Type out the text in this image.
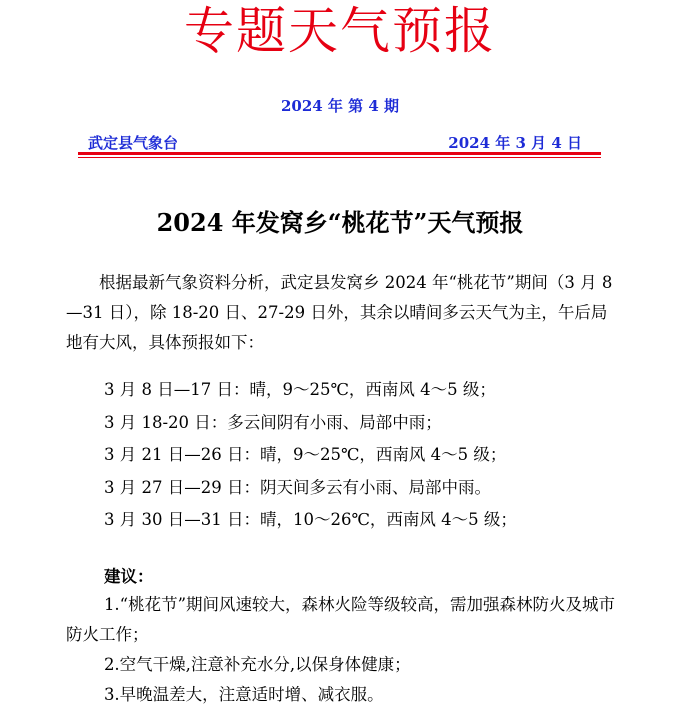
专题天气预报
2024 年 第 4 期
武定县气象台	2024 年 3 月 4 日
2024 年发窝乡“桃花节”天气预报

根据最新气象资料分析，武定县发窝乡 2024 年“桃花节”期间（3 月 8—31 日），除 18-20 日、27-29 日外，其余以晴间多云天气为主，午后局地有大风，具体预报如下：

3 月 8 日—17 日：晴，9～25℃，西南风 4～5 级；
3 月 18-20 日：多云间阴有小雨、局部中雨；
3 月 21 日—26 日：晴，9～25℃，西南风 4～5 级；
3 月 27 日—29 日：阴天间多云有小雨、局部中雨。
3 月 30 日—31 日：晴，10～26℃，西南风 4～5 级；
建议：
1.“桃花节”期间风速较大，森林火险等级较高，需加强森林防火及城市防火工作；
2.空气干燥,注意补充水分,以保身体健康；
3.早晚温差大，注意适时增、减衣服。
